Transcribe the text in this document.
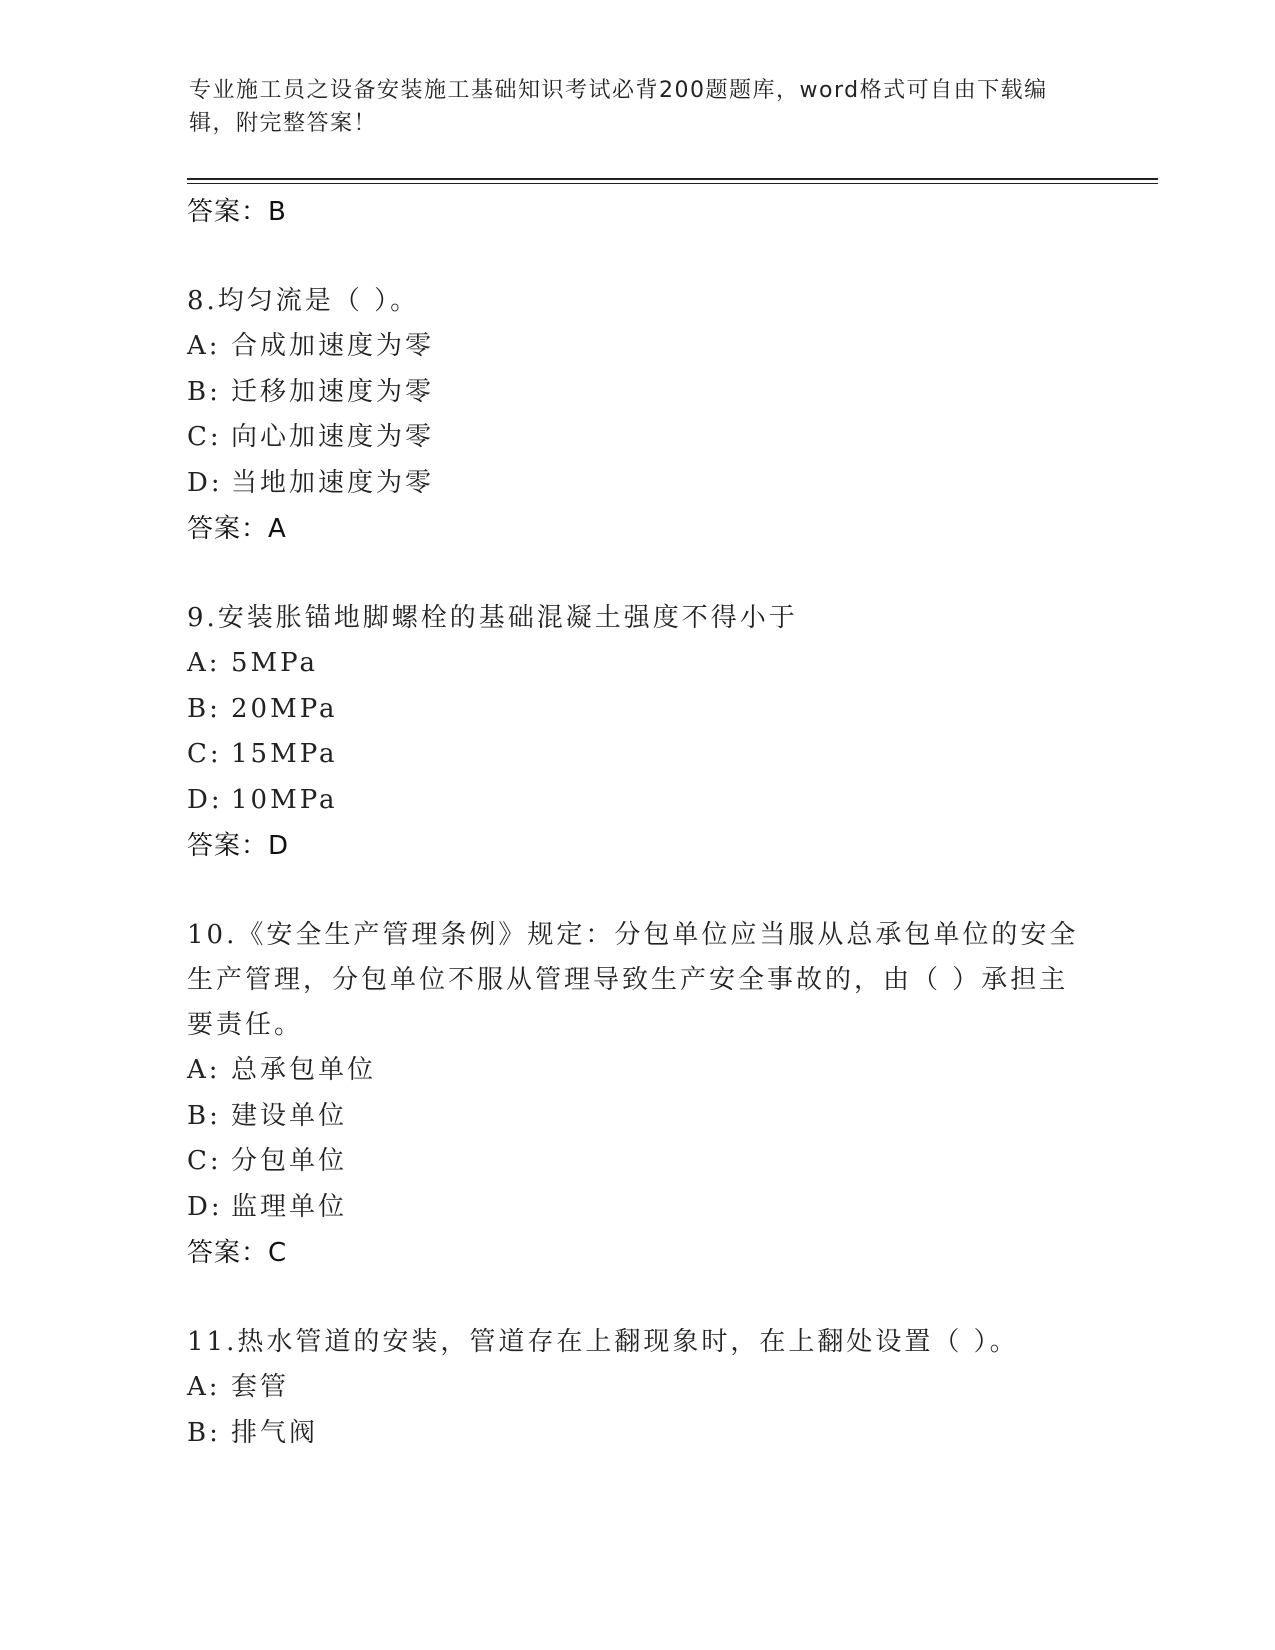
专业施工员之设备安装施工基础知识考试必背200题题库，word格式可自由下载编辑，附完整答案！
答案：B
8.均匀流是（ ）。
A: 合成加速度为零
B: 迁移加速度为零
C: 向心加速度为零
D: 当地加速度为零
答案：A
9.安装胀锚地脚螺栓的基础混凝土强度不得小于
A: 5MPa
B: 20MPa
C: 15MPa
D: 10MPa
答案：D
10.《安全生产管理条例》规定：分包单位应当服从总承包单位的安全生产管理，分包单位不服从管理导致生产安全事故的，由（ ）承担主要责任。
A: 总承包单位
B: 建设单位
C: 分包单位
D: 监理单位
答案：C
11.热水管道的安装，管道存在上翻现象时，在上翻处设置（ ）。
A: 套管
B: 排气阀
